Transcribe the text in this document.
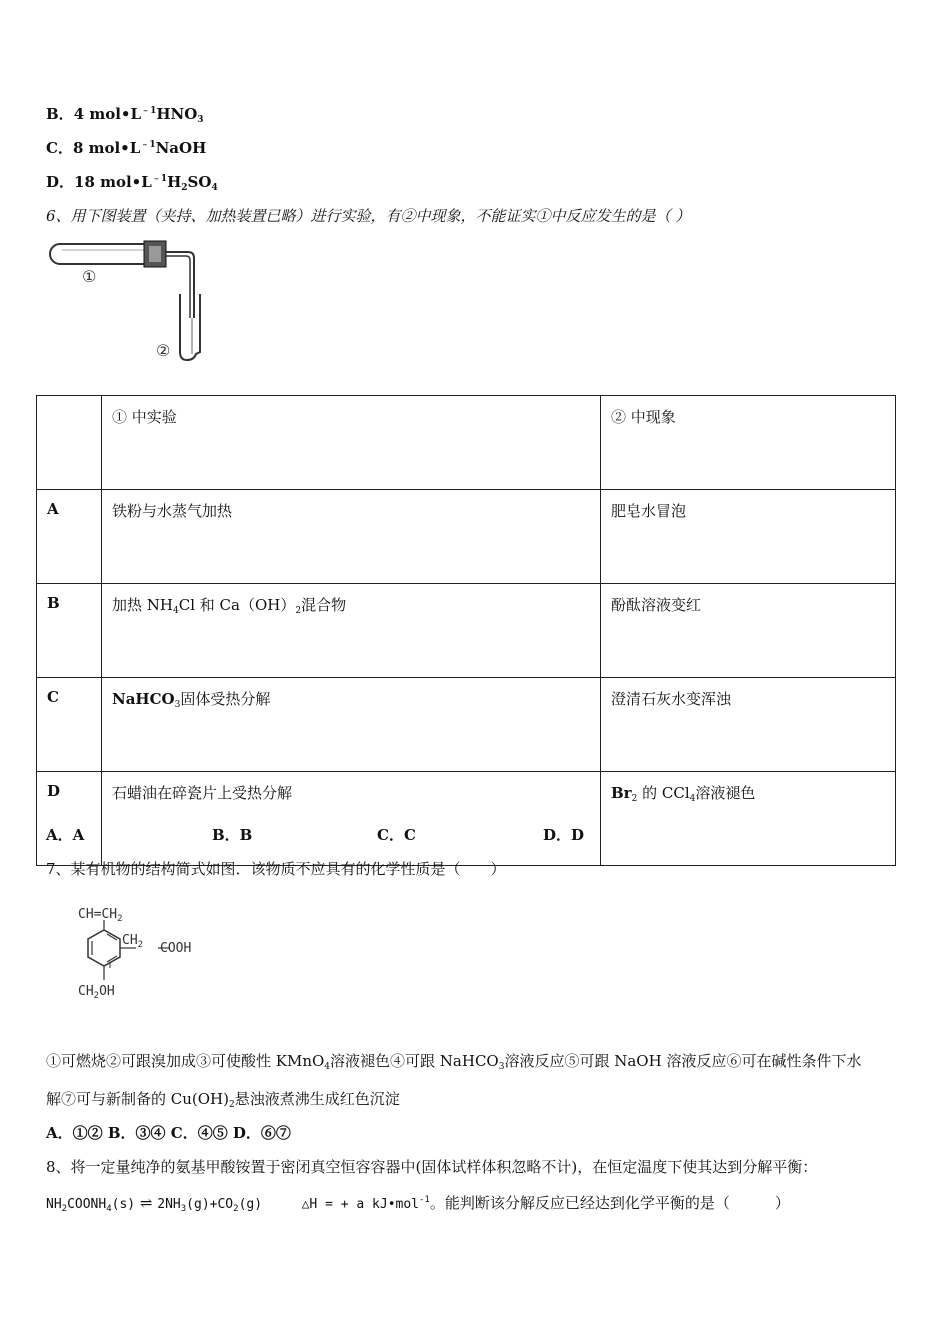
B．4 $mol•L^{﹣1}HNO_3$
C．8 $mol•L^{﹣1}NaOH$
D．18 $mol•L^{﹣1}H_2SO_4$
6、用下图装置（夹持、加热装置已略）进行实验，有②中现象，不能证实①中反应发生的是（ ）
①
②
	① 中实验	② 中现象
A	铁粉与水蒸气加热	肥皂水冒泡
B	加热 $NH_4Cl$ 和 $Ca(OH)_2$混合物	酚酞溶液变红
C	NaHCO$_3$固体受热分解	澄清石灰水变浑浊
D	石蜡油在碎瓷片上受热分解	$Br_2$ 的 CCl$_4$溶液褪色
A．A	B．B	C．C	D．D
7、某有机物的结构简式如图．该物质不应具有的化学性质是（　　）
$CH=CH_2$
$CH_2$ COOH
$CH_2OH$
①可燃烧②可跟溴加成③可使酸性 KMnO$_4$溶液褪色④可跟 NaHCO$_3$溶液反应⑤可跟 NaOH 溶液反应⑥可在碱性条件下水
解⑦可与新制备的 $Cu(OH)_2$悬浊液煮沸生成红色沉淀
A．①② B．③④ C．④⑤ D．⑥⑦
8、将一定量纯净的氨基甲酸铵置于密闭真空恒容容器中(固体试样体积忽略不计)，在恒定温度下使其达到分解平衡：
$NH_2COONH_4(s)$ ⇌ $2NH_3(g)+CO_2(g)$	△H = + a kJ•mol$^{-1}$。能判断该分解反应已经达到化学平衡的是（　　　）
